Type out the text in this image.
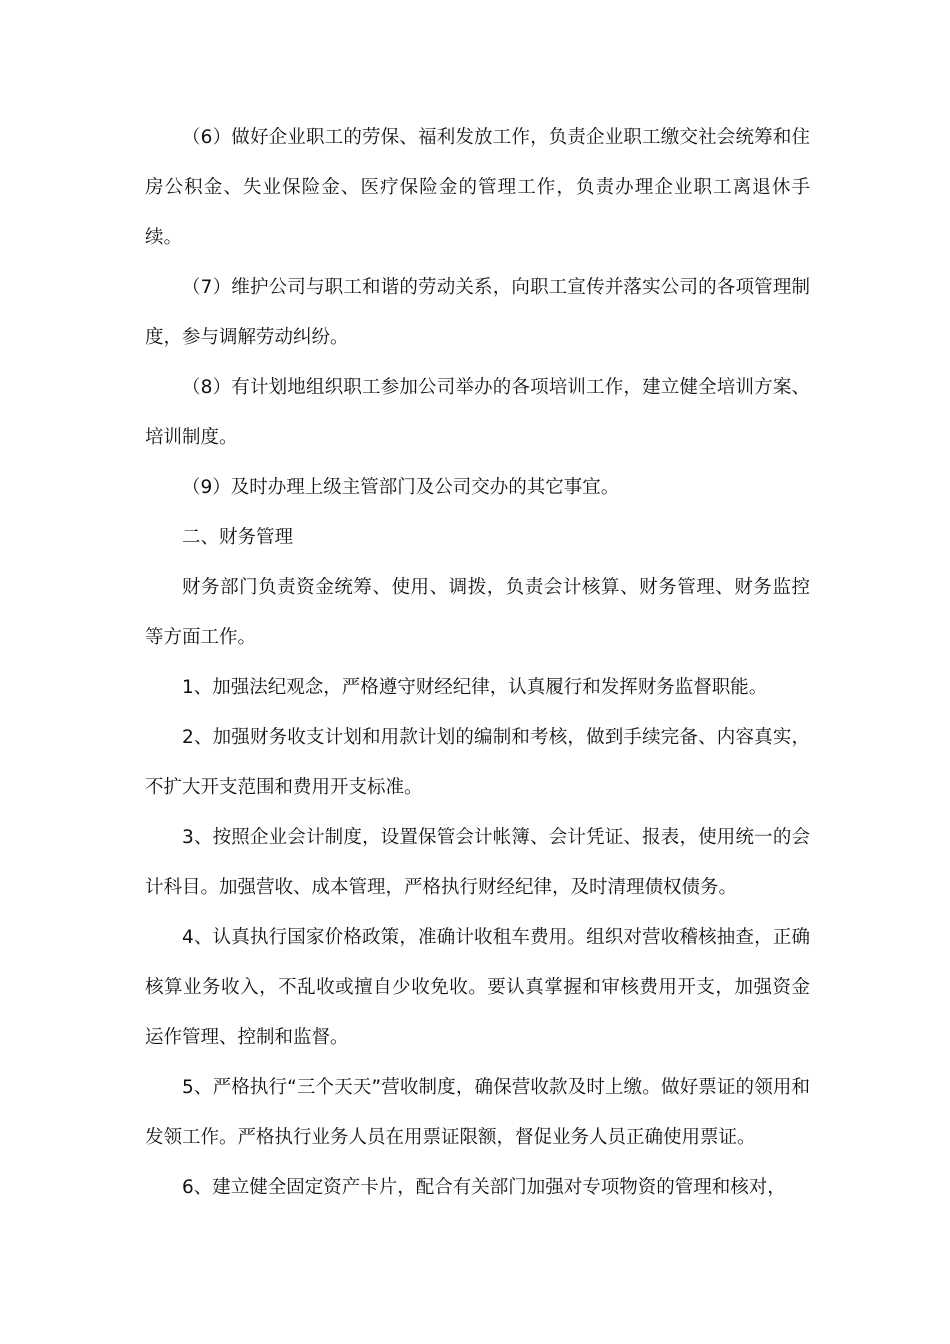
（6）做好企业职工的劳保、福利发放工作，负责企业职工缴交社会统筹和住房公积金、失业保险金、医疗保险金的管理工作，负责办理企业职工离退休手续。

（7）维护公司与职工和谐的劳动关系，向职工宣传并落实公司的各项管理制度，参与调解劳动纠纷。

（8）有计划地组织职工参加公司举办的各项培训工作，建立健全培训方案、培训制度。

（9）及时办理上级主管部门及公司交办的其它事宜。

二、财务管理

财务部门负责资金统筹、使用、调拨，负责会计核算、财务管理、财务监控等方面工作。

1、加强法纪观念，严格遵守财经纪律，认真履行和发挥财务监督职能。

2、加强财务收支计划和用款计划的编制和考核，做到手续完备、内容真实，不扩大开支范围和费用开支标准。

3、按照企业会计制度，设置保管会计帐簿、会计凭证、报表，使用统一的会计科目。加强营收、成本管理，严格执行财经纪律，及时清理债权债务。

4、认真执行国家价格政策，准确计收租车费用。组织对营收稽核抽查，正确核算业务收入，不乱收或擅自少收免收。要认真掌握和审核费用开支，加强资金运作管理、控制和监督。

5、严格执行“三个天天”营收制度，确保营收款及时上缴。做好票证的领用和发领工作。严格执行业务人员在用票证限额，督促业务人员正确使用票证。

6、建立健全固定资产卡片，配合有关部门加强对专项物资的管理和核对，
